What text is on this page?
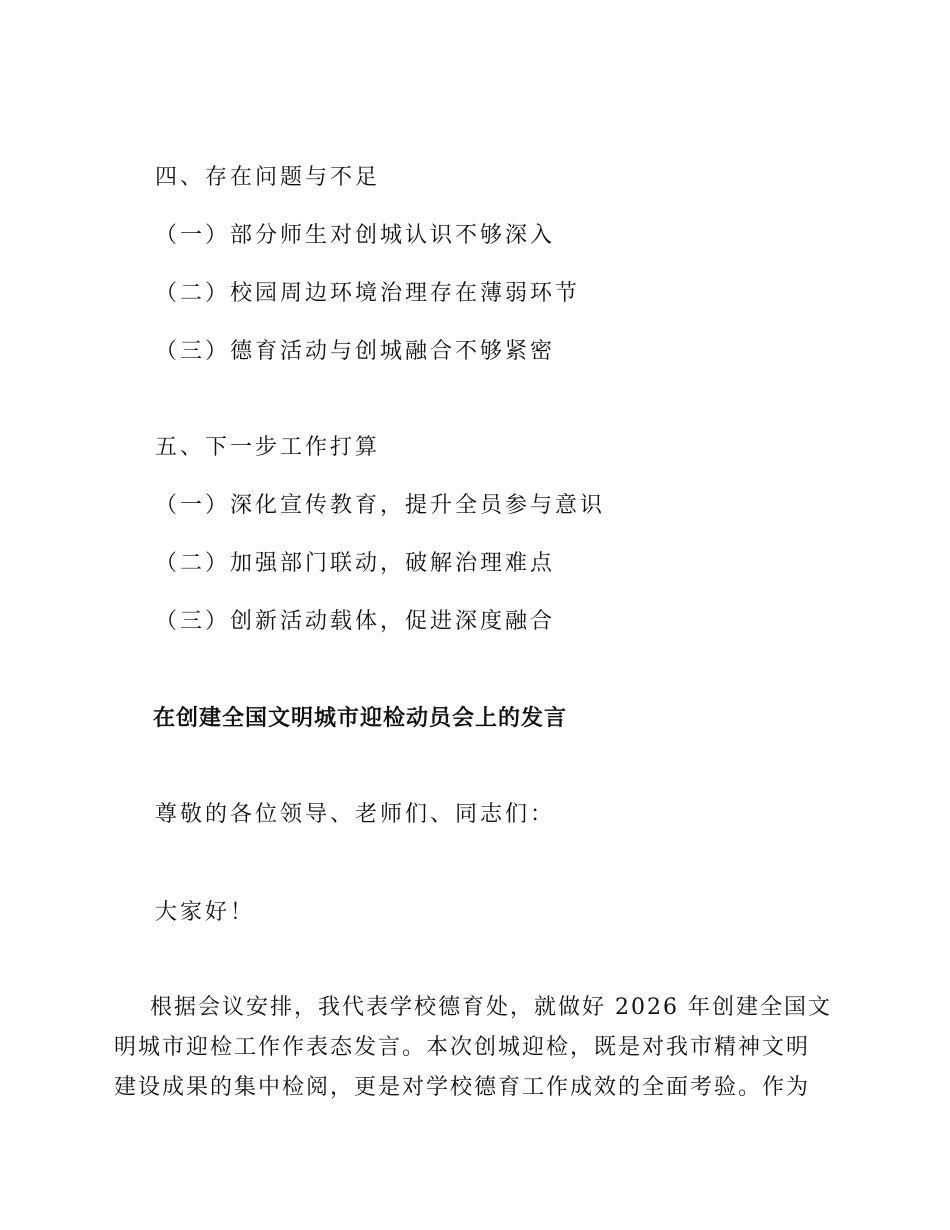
四、存在问题与不足
（一）部分师生对创城认识不够深入
（二）校园周边环境治理存在薄弱环节
（三）德育活动与创城融合不够紧密
五、下一步工作打算
（一）深化宣传教育，提升全员参与意识
（二）加强部门联动，破解治理难点
（三）创新活动载体，促进深度融合
在创建全国文明城市迎检动员会上的发言
尊敬的各位领导、老师们、同志们：
大家好！
根据会议安排，我代表学校德育处，就做好 2026 年创建全国文
明城市迎检工作作表态发言。本次创城迎检，既是对我市精神文明
建设成果的集中检阅，更是对学校德育工作成效的全面考验。作为
